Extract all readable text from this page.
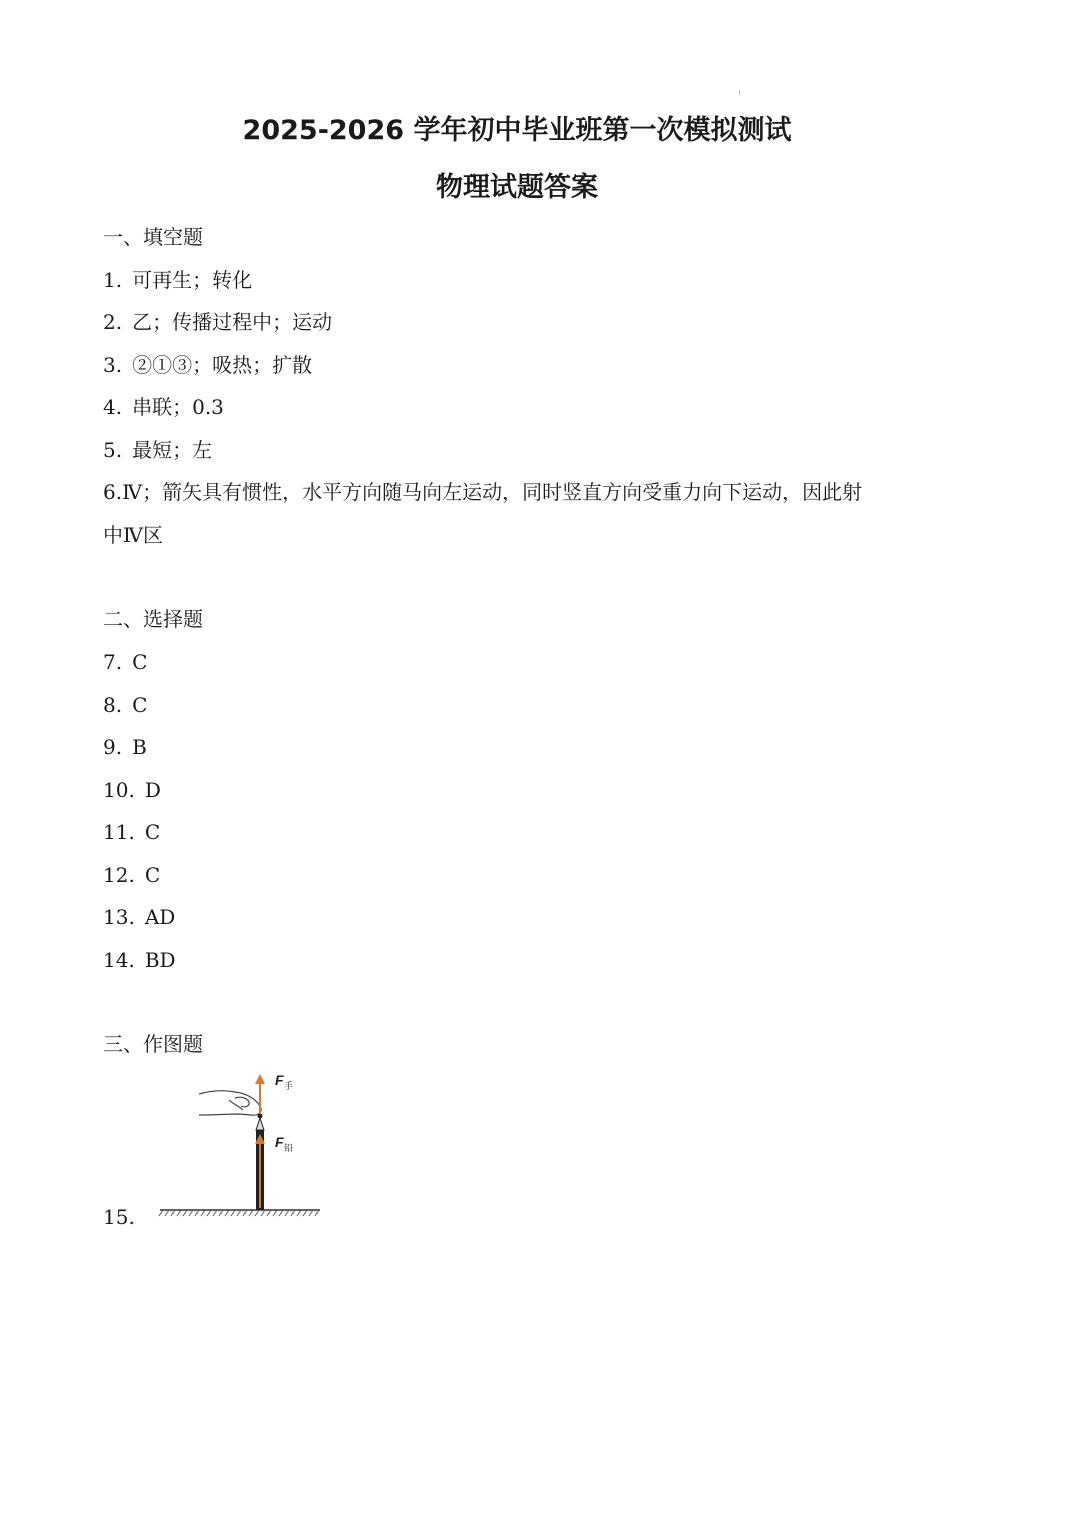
2025-2026 学年初中毕业班第一次模拟测试
物理试题答案
一、填空题
1. 可再生；转化
2. 乙；传播过程中；运动
3. ②①③；吸热；扩散
4. 串联；0.3
5. 最短；左
6.Ⅳ；箭矢具有惯性，水平方向随马向左运动，同时竖直方向受重力向下运动，因此射
中Ⅳ区
二、选择题
7. C
8. C
9. B
10. D
11. C
12. C
13. AD
14. BD
三、作图题
15.
F 手
F 铅
